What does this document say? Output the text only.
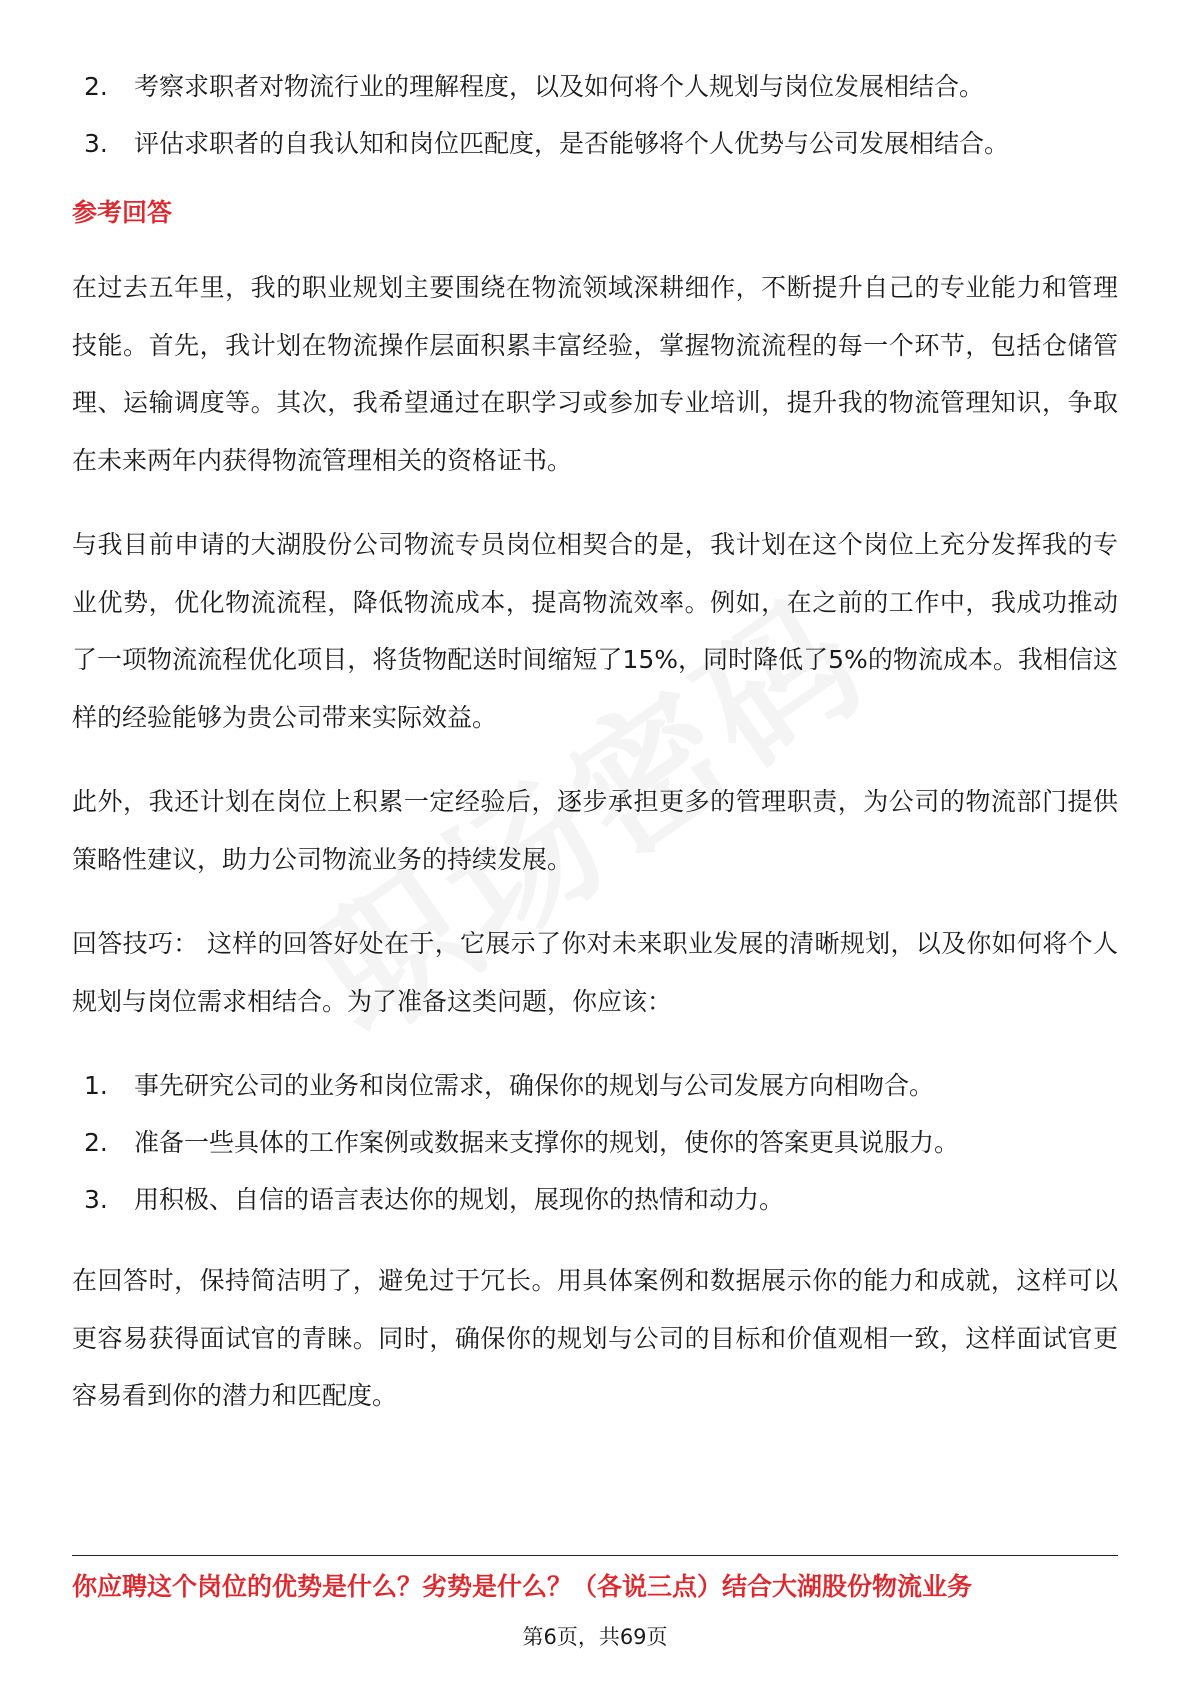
2.	考察求职者对物流行业的理解程度，以及如何将个人规划与岗位发展相结合。
3.	评估求职者的自我认知和岗位匹配度，是否能够将个人优势与公司发展相结合。
参考回答

在过去五年里，我的职业规划主要围绕在物流领域深耕细作，不断提升自己的专业能力和管理技能。首先，我计划在物流操作层面积累丰富经验，掌握物流流程的每一个环节，包括仓储管理、运输调度等。其次，我希望通过在职学习或参加专业培训，提升我的物流管理知识，争取在未来两年内获得物流管理相关的资格证书。

与我目前申请的大湖股份公司物流专员岗位相契合的是，我计划在这个岗位上充分发挥我的专业优势，优化物流流程，降低物流成本，提高物流效率。例如，在之前的工作中，我成功推动了一项物流流程优化项目，将货物配送时间缩短了15%，同时降低了5%的物流成本。我相信这样的经验能够为贵公司带来实际效益。

此外，我还计划在岗位上积累一定经验后，逐步承担更多的管理职责，为公司的物流部门提供策略性建议，助力公司物流业务的持续发展。

回答技巧： 这样的回答好处在于，它展示了你对未来职业发展的清晰规划，以及你如何将个人规划与岗位需求相结合。为了准备这类问题，你应该：

1.	事先研究公司的业务和岗位需求，确保你的规划与公司发展方向相吻合。
2.	准备一些具体的工作案例或数据来支撑你的规划，使你的答案更具说服力。
3.	用积极、自信的语言表达你的规划，展现你的热情和动力。

在回答时，保持简洁明了，避免过于冗长。用具体案例和数据展示你的能力和成就，这样可以更容易获得面试官的青睐。同时，确保你的规划与公司的目标和价值观相一致，这样面试官更容易看到你的潜力和匹配度。

你应聘这个岗位的优势是什么？劣势是什么？（各说三点）结合大湖股份物流业务
第6页，共69页
